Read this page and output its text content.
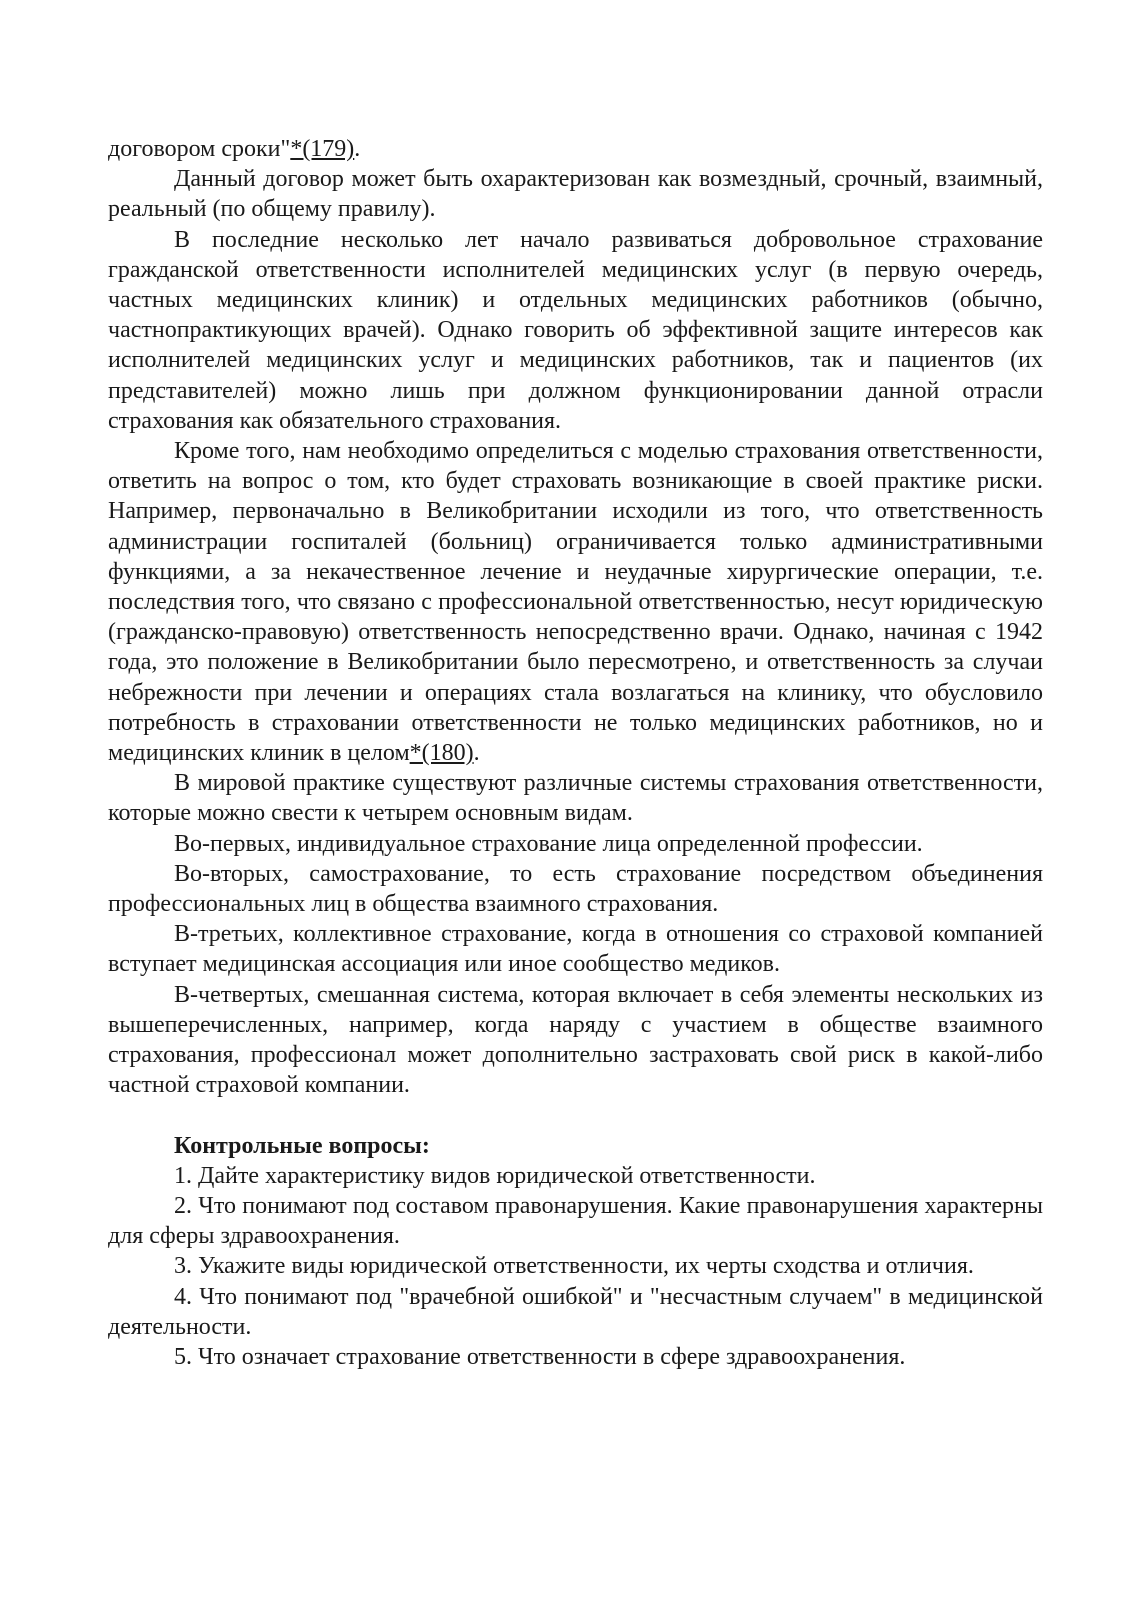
договором сроки"*(179).

Данный договор может быть охарактеризован как возмездный, срочный, взаимный, реальный (по общему правилу).

В последние несколько лет начало развиваться добровольное страхование гражданской ответственности исполнителей медицинских услуг (в первую очередь, частных медицинских клиник) и отдельных медицинских работников (обычно, частнопрактикующих врачей). Однако говорить об эффективной защите интересов как исполнителей медицинских услуг и медицинских работников, так и пациентов (их представителей) можно лишь при должном функционировании данной отрасли страхования как обязательного страхования.

Кроме того, нам необходимо определиться с моделью страхования ответственности, ответить на вопрос о том, кто будет страховать возникающие в своей практике риски. Например, первоначально в Великобритании исходили из того, что ответственность администрации госпиталей (больниц) ограничивается только административными функциями, а за некачественное лечение и неудачные хирургические операции, т.е. последствия того, что связано с профессиональной ответственностью, несут юридическую (гражданско-правовую) ответственность непосредственно врачи. Однако, начиная с 1942 года, это положение в Великобритании было пересмотрено, и ответственность за случаи небрежности при лечении и операциях стала возлагаться на клинику, что обусловило потребность в страховании ответственности не только медицинских работников, но и медицинских клиник в целом*(180).

В мировой практике существуют различные системы страхования ответственности, которые можно свести к четырем основным видам.

Во-первых, индивидуальное страхование лица определенной профессии.

Во-вторых, самострахование, то есть страхование посредством объединения профессиональных лиц в общества взаимного страхования.

В-третьих, коллективное страхование, когда в отношения со страховой компанией вступает медицинская ассоциация или иное сообщество медиков.

В-четвертых, смешанная система, которая включает в себя элементы нескольких из вышеперечисленных, например, когда наряду с участием в обществе взаимного страхования, профессионал может дополнительно застраховать свой риск в какой-либо частной страховой компании.

Контрольные вопросы:

1. Дайте характеристику видов юридической ответственности.

2. Что понимают под составом правонарушения. Какие правонарушения характерны для сферы здравоохранения.

3. Укажите виды юридической ответственности, их черты сходства и отличия.

4. Что понимают под "врачебной ошибкой" и "несчастным случаем" в медицинской деятельности.

5. Что означает страхование ответственности в сфере здравоохранения.
